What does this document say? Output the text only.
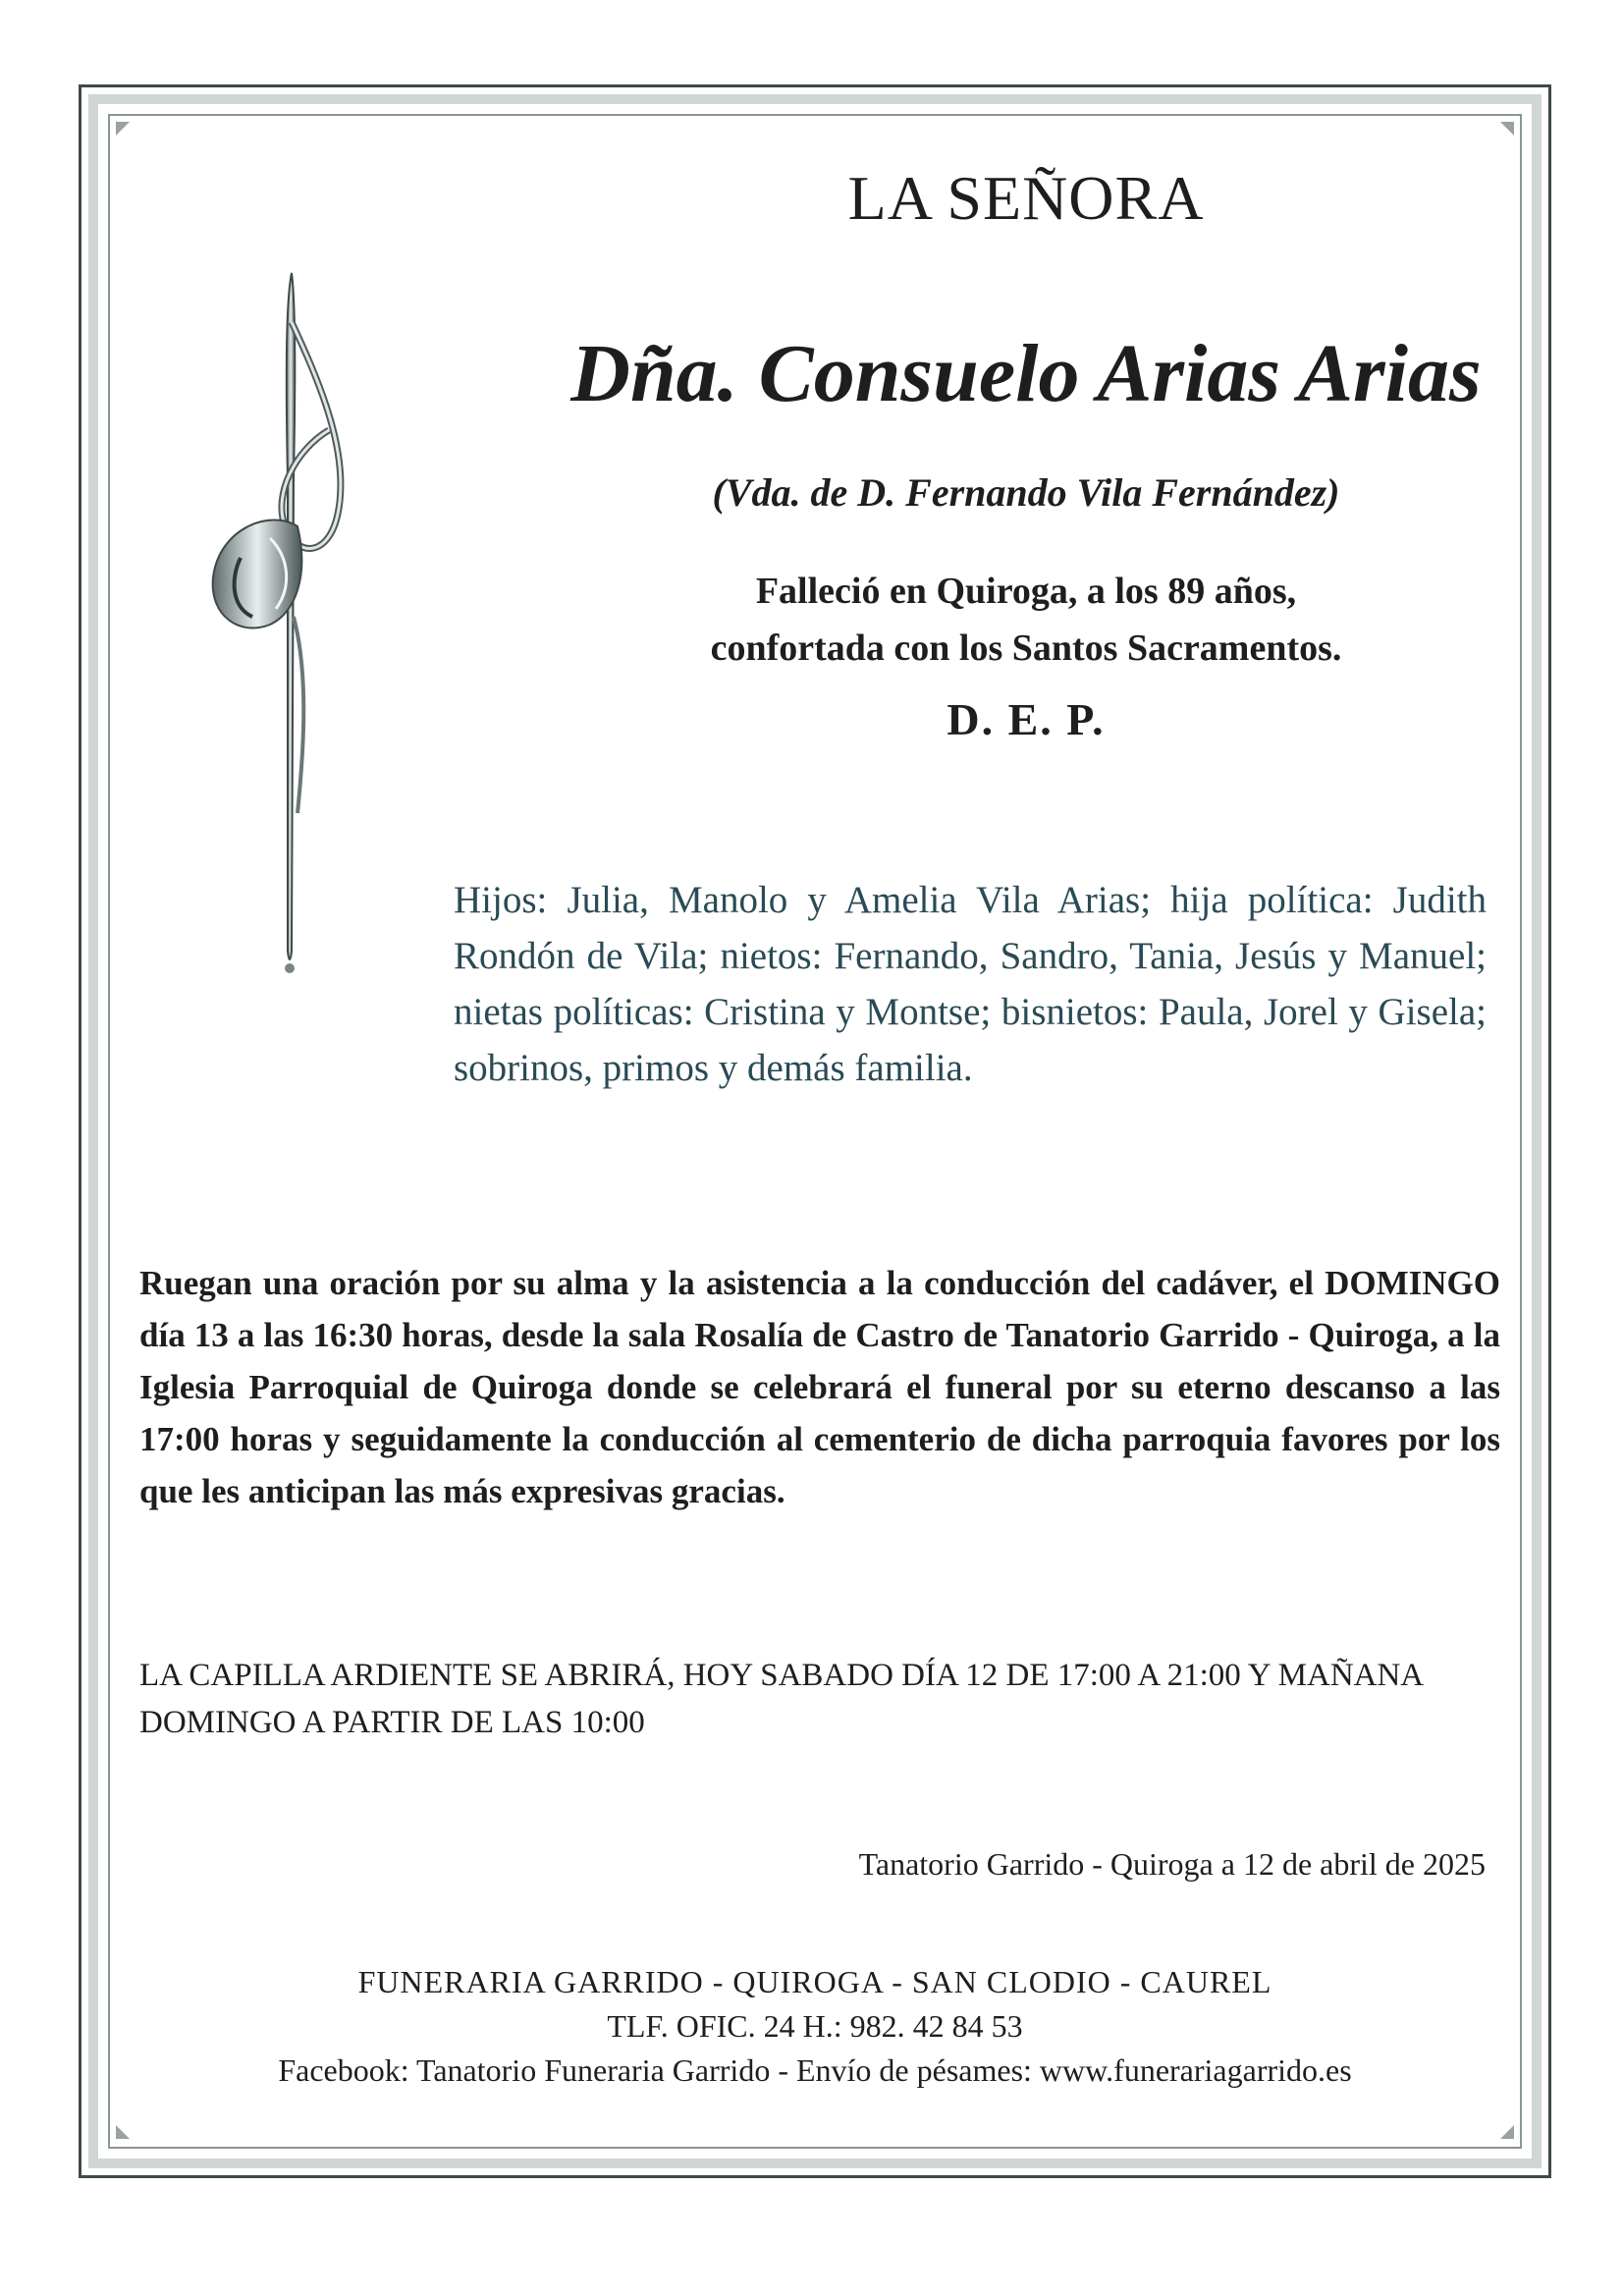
LA SEÑORA
Dña. Consuelo Arias Arias
(Vda. de D. Fernando Vila Fernández)
Falleció en Quiroga, a los 89 años,
confortada con los Santos Sacramentos.
D. E. P.
Hijos: Julia, Manolo y Amelia Vila Arias; hija política: Judith Rondón de Vila; nietos: Fernando, Sandro, Tania, Jesús y Manuel; nietas políticas: Cristina y Montse; bisnietos: Paula, Jorel y Gisela; sobrinos, primos y demás familia.
Ruegan una oración por su alma y la asistencia a la conducción del cadáver, el DOMINGO día 13 a las 16:30 horas, desde la sala Rosalía de Castro de Tanatorio Garrido - Quiroga, a la Iglesia Parroquial de Quiroga donde se celebrará el funeral por su eterno descanso a las 17:00 horas y seguidamente la conducción al cementerio de dicha parroquia favores por los que les anticipan las más expresivas gracias.
LA CAPILLA ARDIENTE SE ABRIRÁ, HOY SABADO DÍA 12 DE 17:00 A 21:00 Y MAÑANA DOMINGO A PARTIR DE LAS 10:00
Tanatorio Garrido - Quiroga a 12 de abril de 2025
FUNERARIA GARRIDO - QUIROGA - SAN CLODIO - CAUREL
TLF. OFIC. 24 H.: 982. 42 84 53
Facebook: Tanatorio Funeraria Garrido - Envío de pésames: www.funerariagarrido.es
